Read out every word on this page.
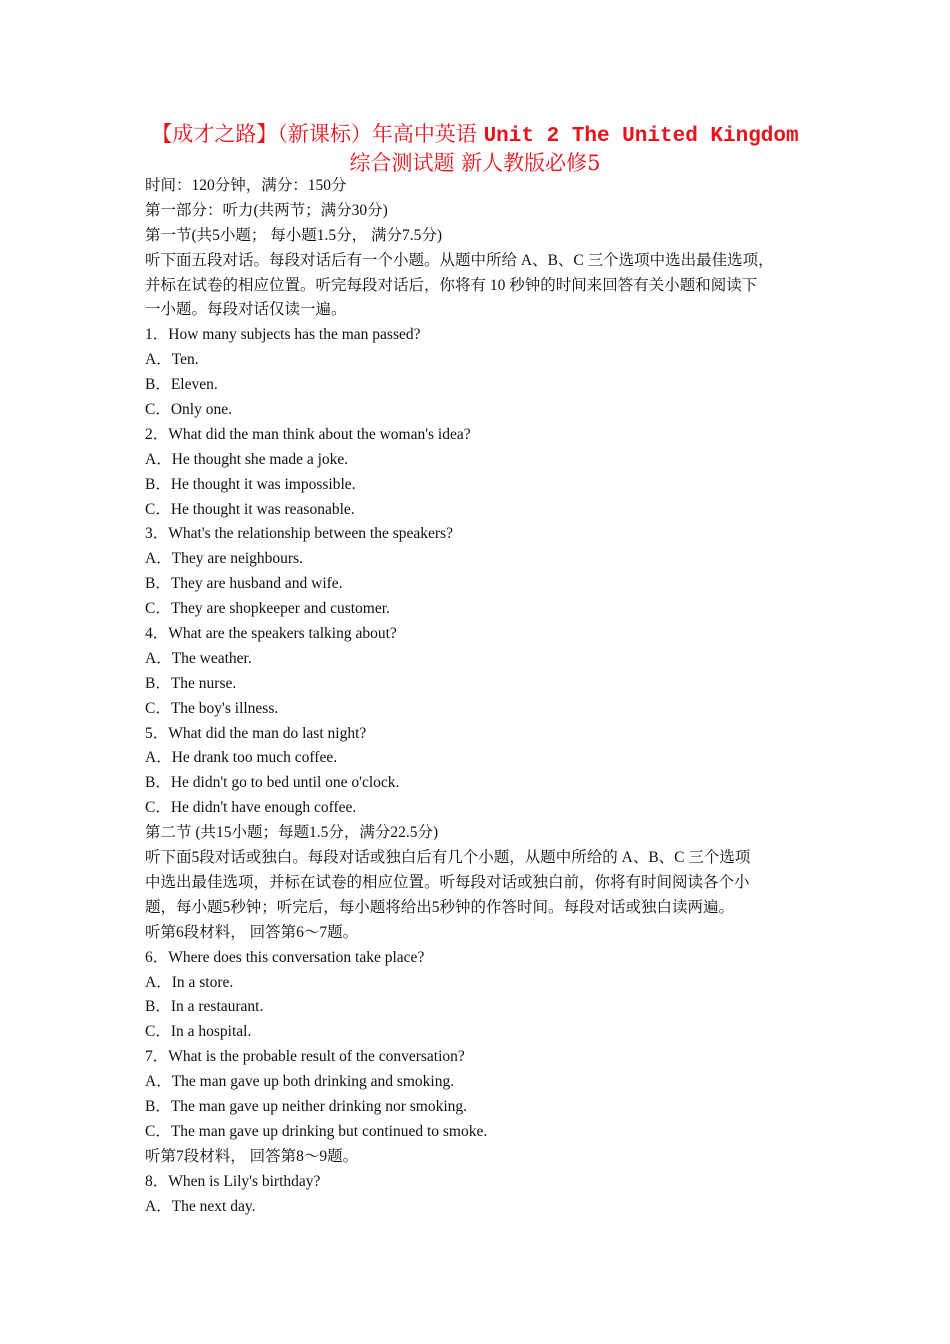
【成才之路】（新课标）年高中英语 Unit 2 The United Kingdom
综合测试题 新人教版必修5
时间：120分钟，满分：150分
第一部分：听力(共两节；满分30分)
第一节(共5小题； 每小题1.5分， 满分7.5分)
听下面五段对话。每段对话后有一个小题。从题中所给 A、B、C 三个选项中选出最佳选项，
并标在试卷的相应位置。听完每段对话后，你将有 10 秒钟的时间来回答有关小题和阅读下
一小题。每段对话仅读一遍。
1．How many subjects has the man passed?
A．Ten.
B．Eleven.
C．Only one.
2．What did the man think about the woman's idea?
A．He thought she made a joke.
B．He thought it was impossible.
C．He thought it was reasonable.
3．What's the relationship between the speakers?
A．They are neighbours.
B．They are husband and wife.
C．They are shopkeeper and customer.
4．What are the speakers talking about?
A．The weather.
B．The nurse.
C．The boy's illness.
5．What did the man do last night?
A．He drank too much coffee.
B．He didn't go to bed until one o'clock.
C．He didn't have enough coffee.
第二节 (共15小题；每题1.5分，满分22.5分)
听下面5段对话或独白。每段对话或独白后有几个小题，从题中所给的 A、B、C 三个选项
中选出最佳选项，并标在试卷的相应位置。听每段对话或独白前，你将有时间阅读各个小
题，每小题5秒钟；听完后，每小题将给出5秒钟的作答时间。每段对话或独白读两遍。
听第6段材料， 回答第6～7题。
6．Where does this conversation take place?
A．In a store.
B．In a restaurant.
C．In a hospital.
7．What is the probable result of the conversation?
A．The man gave up both drinking and smoking.
B．The man gave up neither drinking nor smoking.
C．The man gave up drinking but continued to smoke.
听第7段材料， 回答第8～9题。
8．When is Lily's birthday?
A．The next day.
